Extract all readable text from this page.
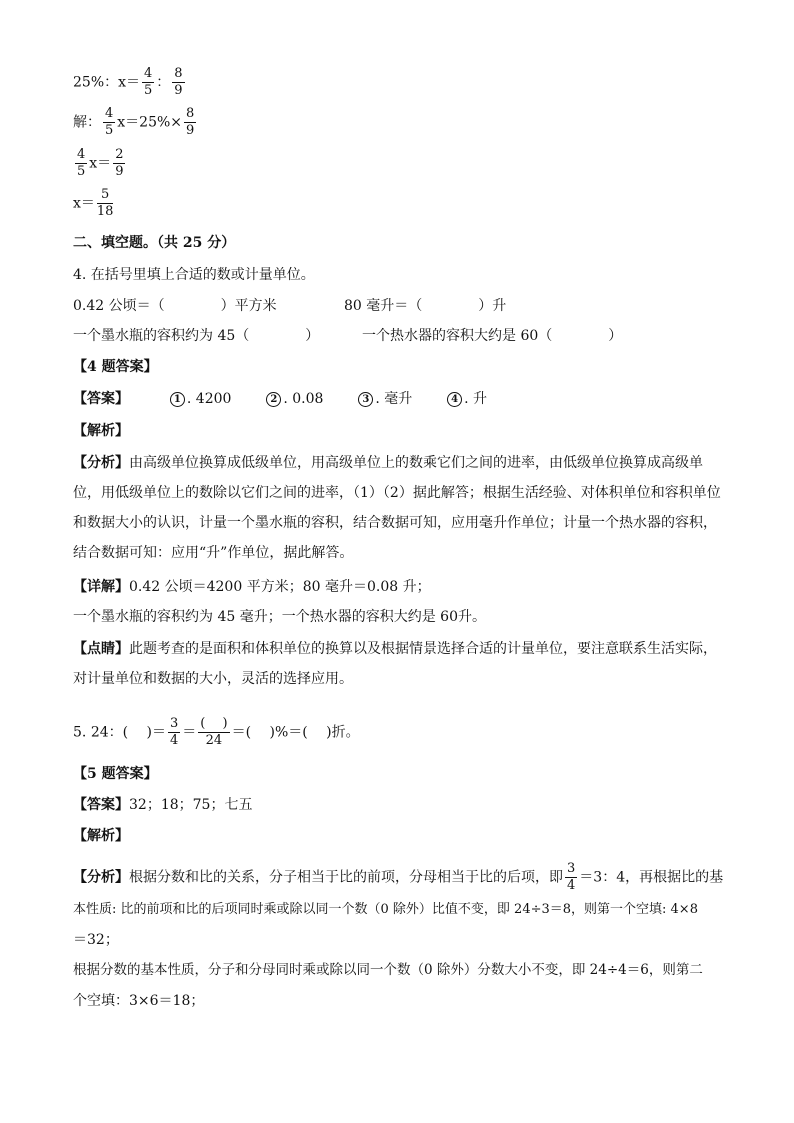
25%：$x= \frac{4}{5}$ ： $\frac{8}{9}$
解： $\frac{4}{5} x=25\%\times \frac{8}{9}$
$\frac{4}{5} x= \frac{2}{9}$
$x= \frac{5}{18}$
二、填空题。（共 25 分）
4. 在括号里填上合适的数或计量单位。
0.42 公顷＝（　　　　）平方米	80 毫升＝（　　　　）升
一个墨水瓶的容积约为 45（　　　　）	一个热水器的容积大约是 60（　　　　）
【4 题答案】
【答案】	1 . 4200	2 . 0.08	3 . 毫升	4 . 升
【解析】
【分析】由高级单位换算成低级单位，用高级单位上的数乘它们之间的进率，由低级单位换算成高级单位，用低级单位上的数除以它们之间的进率，（1）（2）据此解答；根据生活经验、对体积单位和容积单位和数据大小的认识，计量一个墨水瓶的容积，结合数据可知，应用毫升作单位；计量一个热水器的容积，结合数据可知：应用“升”作单位，据此解答。
【详解】0.42 公顷＝4200 平方米；80 毫升＝0.08 升；
一个墨水瓶的容积约为 45 毫升；一个热水器的容积大约是 60升。
【点睛】此题考查的是面积和体积单位的换算以及根据情景选择合适的计量单位，要注意联系生活实际，对计量单位和数据的大小，灵活的选择应用。
5. 24：(　 )＝ $\frac{3}{4} = \frac{( )}{24}$ ＝(　 )%＝(　 )折。
【5 题答案】
【答案】32；18；75；七五
【解析】
【分析】根据分数和比的关系，分子相当于比的前项，分母相当于比的后项，即 $\frac{3}{4} =3$：4，再根据比的基
本性质: 比的前项和比的后项同时乘或除以同一个数（0 除外）比值不变，即 24÷3＝8，则第一个空填: 4×8
＝32；
根据分数的基本性质，分子和分母同时乘或除以同一个数（0 除外）分数大小不变，即 24÷4＝6，则第二
个空填：3×6＝18；
